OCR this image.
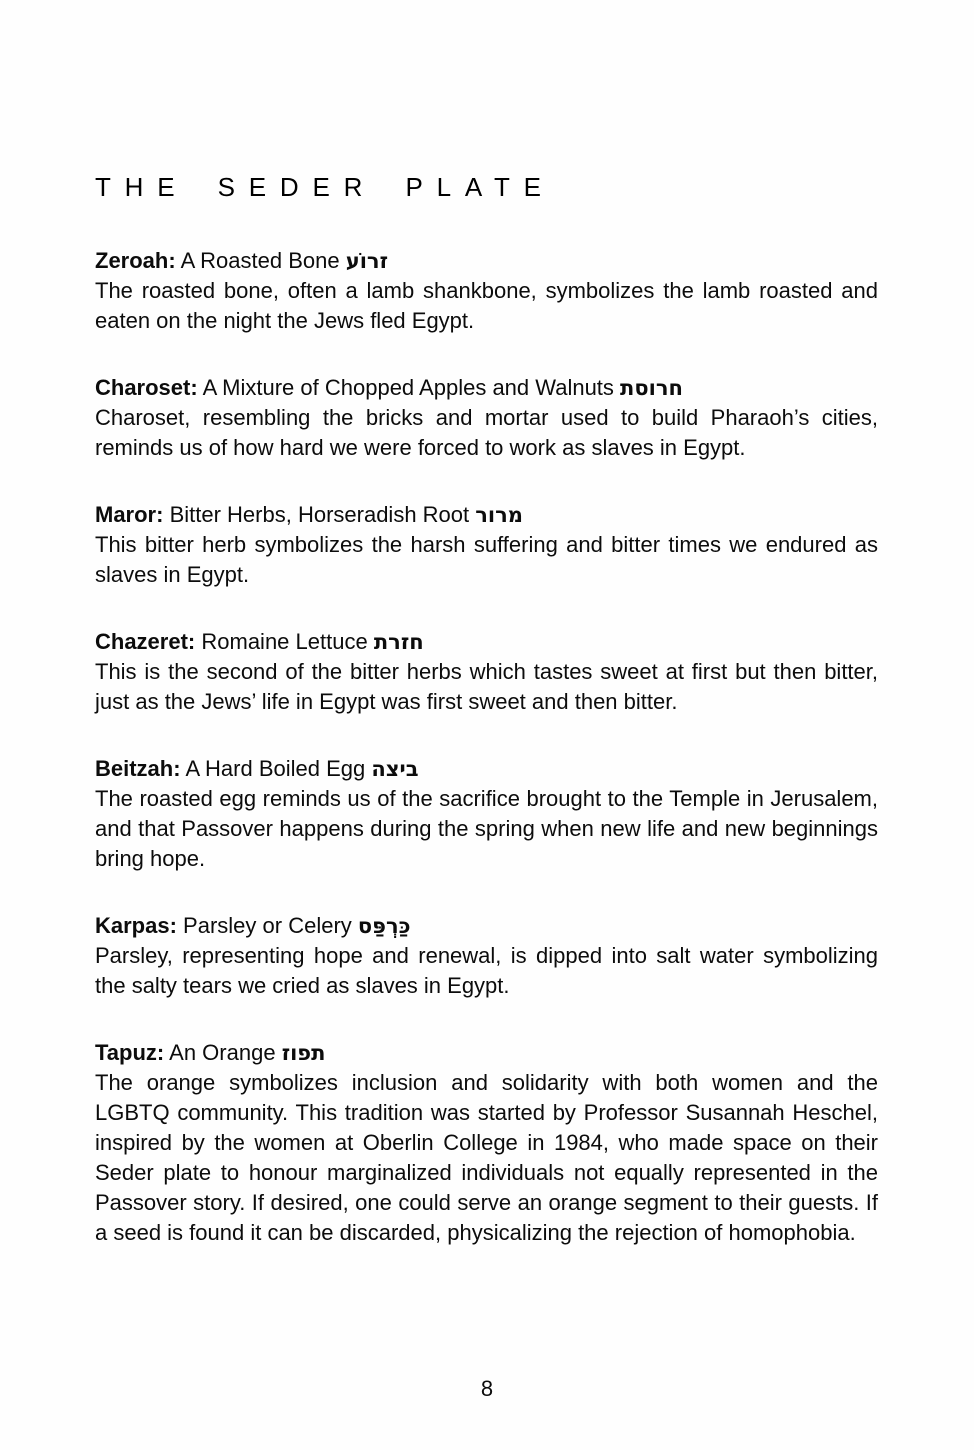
THE SEDER PLATE

Zeroah: A Roasted Bone זרוֹע

The roasted bone, often a lamb shankbone, symbolizes the lamb roasted and eaten on the night the Jews fled Egypt.

Charoset: A Mixture of Chopped Apples and Walnuts חרוסת

Charoset, resembling the bricks and mortar used to build Pharaoh’s cities, reminds us of how hard we were forced to work as slaves in Egypt.

Maror: Bitter Herbs, Horseradish Root מרור

This bitter herb symbolizes the harsh suffering and bitter times we endured as slaves in Egypt.

Chazeret: Romaine Lettuce חזרת

This is the second of the bitter herbs which tastes sweet at first but then bitter, just as the Jews’ life in Egypt was first sweet and then bitter.

Beitzah: A Hard Boiled Egg ביצה

The roasted egg reminds us of the sacrifice brought to the Temple in Jerusalem, and that Passover happens during the spring when new life and new beginnings bring hope.

Karpas: Parsley or Celery כַּרְפַּס

Parsley, representing hope and renewal, is dipped into salt water symbolizing the salty tears we cried as slaves in Egypt.

Tapuz: An Orange תפוז

The orange symbolizes inclusion and solidarity with both women and the LGBTQ community. This tradition was started by Professor Susannah Heschel, inspired by the women at Oberlin College in 1984, who made space on their Seder plate to honour marginalized individuals not equally represented in the Passover story. If desired, one could serve an orange segment to their guests. If a seed is found it can be discarded, physicalizing the rejection of homophobia.

8
